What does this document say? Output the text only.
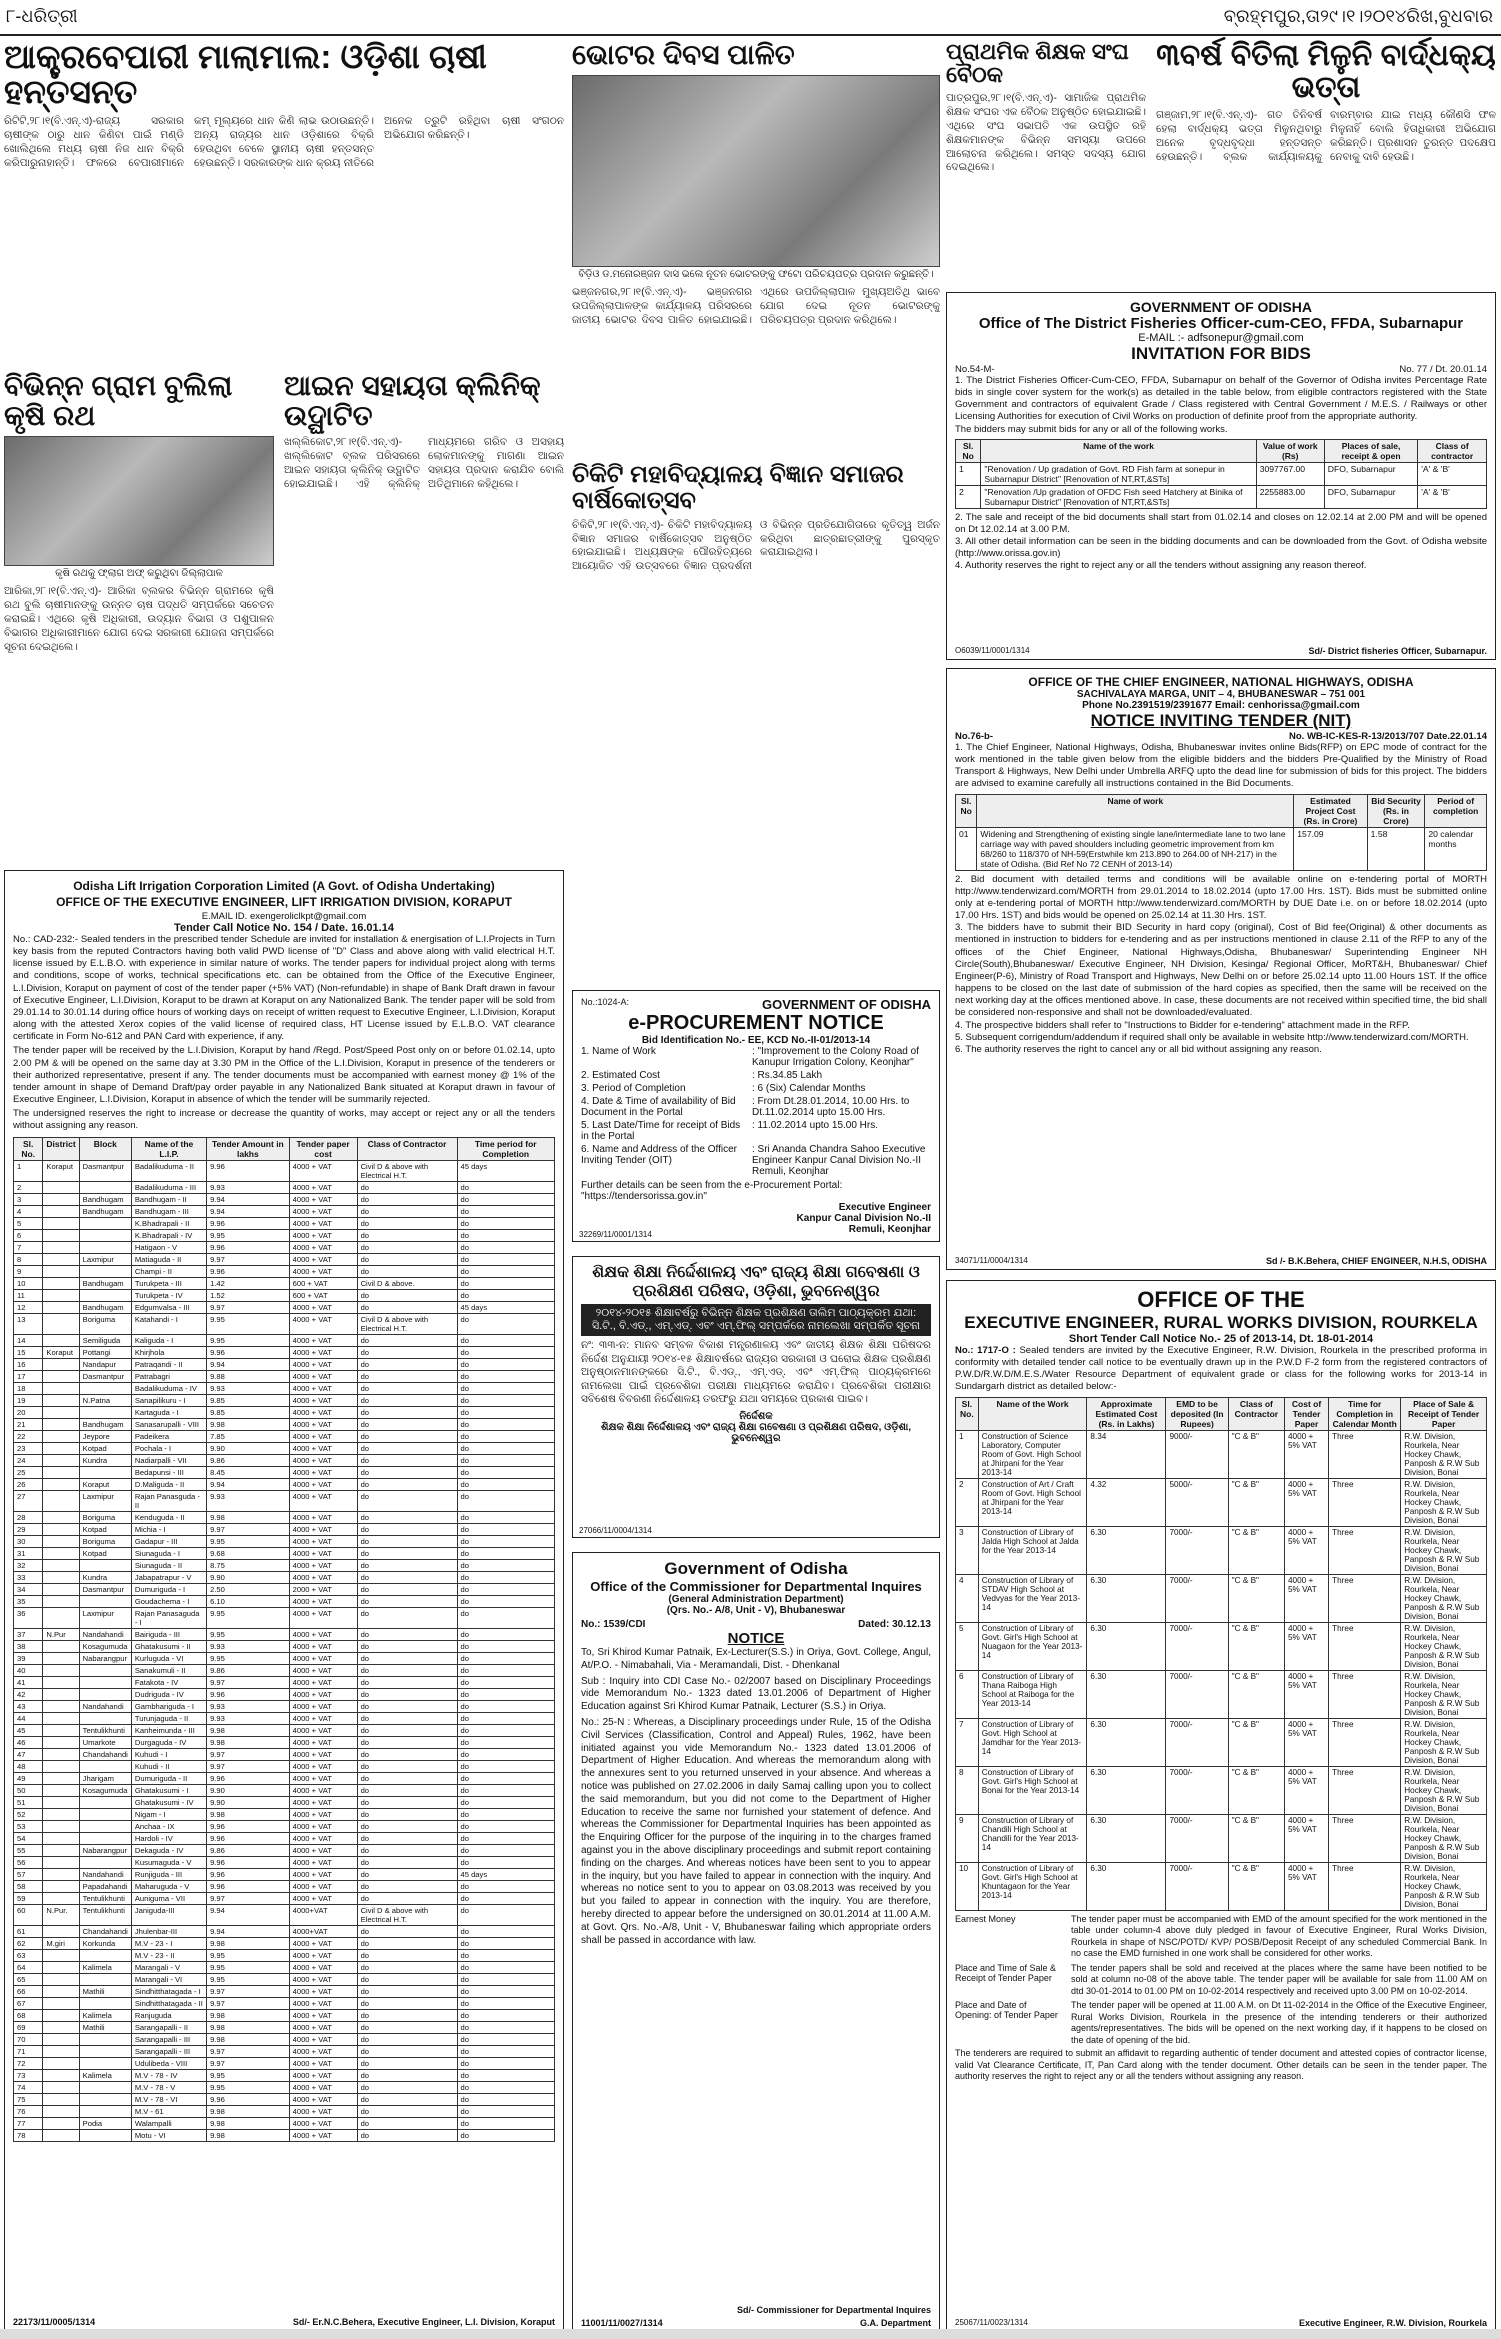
୮-ଧରିତ୍ରୀ	ବ୍ରହ୍ମପୁର,ତା୨୯।୧।୨୦୧୪ରିଖ,ବୁଧବାର
ଆକ୍ତ୍ରବେପାରୀ ମାଲାମାଲ: ଓଡ଼ିଶା ଚାଷୀ ହନ୍ତସନ୍ତ
ରିଟିଟି,୨୮।୧(ବି.ଏନ୍.ଏ)-ରାଜ୍ୟ ସରକାର ଚାଷୀଙ୍କ ଠାରୁ ଧାନ କିଣିବା ପାଇଁ ମଣ୍ଡି ଖୋଲିଥିଲେ ମଧ୍ୟ ଚାଷୀ ନିଜ ଧାନ ବିକ୍ରି କରିପାରୁନାହାନ୍ତି। ଫଳରେ ବେପାରୀମାନେ କମ୍ ମୂଲ୍ୟରେ ଧାନ କିଣି ଲାଭ ଉଠାଉଛନ୍ତି। ଅନ୍ୟ ରାଜ୍ୟର ଧାନ ଓଡ଼ିଶାରେ ବିକ୍ରି ହେଉଥିବା ବେଳେ ସ୍ଥାନୀୟ ଚାଷୀ ହନ୍ତସନ୍ତ ହେଉଛନ୍ତି। ସରକାରଙ୍କ ଧାନ କ୍ରୟ ନୀତିରେ ଅନେକ ତ୍ରୁଟି ରହିଥିବା ଚାଷୀ ସଂଗଠନ ଅଭିଯୋଗ କରିଛନ୍ତି।
ବିଭିନ୍ନ ଗ୍ରାମ ବୁଲିଲା କୃଷି ରଥ
କୃଷି ରଥକୁ ଫ୍ଲାଗ ଅଫ୍ କରୁଥିବା ଜିଲ୍ଲାପାଳ
ଆରିକା,୨୮।୧(ବି.ଏନ୍.ଏ)- ଆରିକା ବ୍ଲକର ବିଭିନ୍ନ ଗ୍ରାମରେ କୃଷି ରଥ ବୁଲି ଚାଷୀମାନଙ୍କୁ ଉନ୍ନତ ଚାଷ ପଦ୍ଧତି ସମ୍ପର୍କରେ ସଚେତନ କରାଇଛି। ଏଥିରେ କୃଷି ଅଧିକାରୀ, ଉଦ୍ୟାନ ବିଭାଗ ଓ ପଶୁପାଳନ ବିଭାଗର ଅଧିକାରୀମାନେ ଯୋଗ ଦେଇ ସରକାରୀ ଯୋଜନା ସମ୍ପର୍କରେ ସୂଚନା ଦେଇଥିଲେ।
ଆଇନ ସହାୟତା କ୍ଲିନିକ୍ ଉଦ୍ଘାଟିତ
ଖଲ୍ଲିକୋଟ,୨୮।୧(ବି.ଏନ୍.ଏ)- ଖଲ୍ଲିକୋଟ ବ୍ଲକ ପରିସରରେ ଆଇନ ସହାୟତା କ୍ଲିନିକ୍ ଉଦ୍ଘାଟିତ ହୋଇଯାଇଛି। ଏହି କ୍ଲିନିକ୍ ମାଧ୍ୟମରେ ଗରିବ ଓ ଅସହାୟ ଲୋକମାନଙ୍କୁ ମାଗଣା ଆଇନ ସହାୟତା ପ୍ରଦାନ କରାଯିବ ବୋଲି ଅତିଥିମାନେ କହିଥିଲେ।
Odisha Lift Irrigation Corporation Limited (A Govt. of Odisha Undertaking)
OFFICE OF THE EXECUTIVE ENGINEER, LIFT IRRIGATION DIVISION, KORAPUT
E.MAIL ID. exengeroliclkpt@gmail.com
Tender Call Notice No. 154 / Date. 16.01.14
No.: CAD-232:- Sealed tenders in the prescribed tender Schedule are invited for installation & energisation of L.I.Projects in Turn key basis from the reputed Contractors having both valid PWD license of "D" Class and above along with valid electrical H.T. license issued by E.L.B.O. with experience in similar nature of works. The tender papers for individual project along with terms and conditions, scope of works, technical specifications etc. can be obtained from the Office of the Executive Engineer, L.I.Division, Koraput on payment of cost of the tender paper (+5% VAT) (Non-refundable) in shape of Bank Draft drawn in favour of Executive Engineer, L.I.Division, Koraput to be drawn at Koraput on any Nationalized Bank. The tender paper will be sold from 29.01.14 to 30.01.14 during office hours of working days on receipt of written request to Executive Engineer, L.I.Division, Koraput along with the attested Xerox copies of the valid license of required class, HT License issued by E.L.B.O. VAT clearance certificate in Form No-612 and PAN Card with experience, if any.
The tender paper will be received by the L.I.Division, Koraput by hand /Regd. Post/Speed Post only on or before 01.02.14, upto 2.00 PM & will be opened on the same day at 3.30 PM in the Office of the L.I.Division, Koraput in presence of the tenderers or their authorized representative, present if any. The tender documents must be accompanied with earnest money @ 1% of the tender amount in shape of Demand Draft/pay order payable in any Nationalized Bank situated at Koraput drawn in favour of Executive Engineer, L.I.Division, Koraput in absence of which the tender will be summarily rejected.
The undersigned reserves the right to increase or decrease the quantity of works, may accept or reject any or all the tenders without assigning any reason.
Sl. No.	District	Block	Name of the L.I.P.	Tender Amount in lakhs	Tender paper cost	Class of Contractor	Time period for Completion
1	Koraput	Dasmantpur	Badalikuduma - II	9.96	4000 + VAT	Civil D & above with Electrical H.T.	45 days
2			Badalikuduma - III	9.93	4000 + VAT	do	do
3		Bandhugam	Bandhugam - II	9.94	4000 + VAT	do	do
4		Bandhugam	Bandhugam - III	9.94	4000 + VAT	do	do
5			K.Bhadrapali - II	9.96	4000 + VAT	do	do
6			K.Bhadrapali - IV	9.95	4000 + VAT	do	do
7			Hatigaon - V	9.96	4000 + VAT	do	do
8		Laxmipur	Matiaguda - II	9.97	4000 + VAT	do	do
9			Champi - II	9.96	4000 + VAT	do	do
10		Bandhugam	Turukpeta - III	1.42	600 + VAT	Civil D & above.	do
11			Turukpeta - IV	1.52	600 + VAT	do	do
12		Bandhugam	Edgumvalsa - III	9.97	4000 + VAT	do	45 days
13		Boriguma	Katahandi - I	9.95	4000 + VAT	Civil D & above with Electrical H.T.	do
14		Semiliguda	Kaliguda - I	9.95	4000 + VAT	do	do
15	Koraput	Pottangi	Khirjhola	9.96	4000 + VAT	do	do
16		Nandapur	Patraqandi - II	9.94	4000 + VAT	do	do
17		Dasmantpur	Patrabagri	9.88	4000 + VAT	do	do
18			Badalikuduma - IV	9.93	4000 + VAT	do	do
19		N.Patna	Sanapilikuru - I	9.85	4000 + VAT	do	do
20			Kartaguda - I	9.85	4000 + VAT	do	do
21		Bandhugam	Sanasarupalli - VIII	9.98	4000 + VAT	do	do
22		Jeypore	Padeikera	7.85	4000 + VAT	do	do
23		Kotpad	Pochala - I	9.90	4000 + VAT	do	do
24		Kundra	Nadiarpalli - VII	9.86	4000 + VAT	do	do
25			Bedapunsi - III	8.45	4000 + VAT	do	do
26		Koraput	D.Maliguda - II	9.94	4000 + VAT	do	do
27		Laxmipur	Rajan Panasguda - II	9.93	4000 + VAT	do	do
28		Boriguma	Kenduguda - II	9.98	4000 + VAT	do	do
29		Kotpad	Michia - I	9.97	4000 + VAT	do	do
30		Boriguma	Gadapur - III	9.95	4000 + VAT	do	do
31		Kotpad	Siunaguda - I	9.68	4000 + VAT	do	do
32			Siunaguda - II	8.75	4000 + VAT	do	do
33		Kundra	Jabapatrapur - V	9.90	4000 + VAT	do	do
34		Dasmantpur	Dumuriguda - I	2.50	2000 + VAT	do	do
35			Goudachema - I	6.10	4000 + VAT	do	do
36		Laxmipur	Rajan Panasaguda - I	9.95	4000 + VAT	do	do
37	N.Pur	Nandahandi	Bairiguda - III	9.95	4000 + VAT	do	do
38		Kosagumuda	Ghatakusumi - II	9.93	4000 + VAT	do	do
39		Nabarangpur	Kurluguda - VI	9.95	4000 + VAT	do	do
40			Sanakumuli - II	9.86	4000 + VAT	do	do
41			Fatakota - IV	9.97	4000 + VAT	do	do
42			Dudriguda - IV	9.96	4000 + VAT	do	do
43		Nandahandi	Gambhariguda - I	9.93	4000 + VAT	do	do
44			Turunjaguda - II	9.93	4000 + VAT	do	do
45		Tentulikhunti	Kanheimunda - III	9.98	4000 + VAT	do	do
46		Umarkote	Durgaguda - IV	9.98	4000 + VAT	do	do
47		Chandahandi	Kuhudi - I	9.97	4000 + VAT	do	do
48			Kuhudi - II	9.97	4000 + VAT	do	do
49		Jharigam	Dumuriguda - II	9.96	4000 + VAT	do	do
50		Kosagumuda	Ghatakusumi - I	9.90	4000 + VAT	do	do
51			Ghatakusumi - IV	9.90	4000 + VAT	do	do
52			Nigam - I	9.98	4000 + VAT	do	do
53			Anchaa - IX	9.96	4000 + VAT	do	do
54			Hardoli - IV	9.96	4000 + VAT	do	do
55		Nabarangpur	Dekaguda - IV	9.86	4000 + VAT	do	do
56			Kusumaguda - V	9.96	4000 + VAT	do	do
57		Nandahandi	Runjiguda - III	9.96	4000 + VAT	do	45 days
58		Papadahandi	Maharuguda - V	9.96	4000 + VAT	do	do
59		Tentulikhunti	Auniguma - VII	9.97	4000 + VAT	do	do
60	N.Pur.	Tentulikhunti	Janiguda-III	9.94	4000+VAT	Civil D & above with Electrical H.T.	do
61		Chandahandi	Jhulenbar-III	9.94	4000+VAT	do	do
62	M.giri	Korkunda	M.V - 23 - I	9.98	4000 + VAT	do	do
63			M.V - 23 - II	9.95	4000 + VAT	do	do
64		Kalimela	Marangali - V	9.95	4000 + VAT	do	do
65			Marangali - VI	9.95	4000 + VAT	do	do
66		Mathili	Sindhitthatagada - I	9.97	4000 + VAT	do	do
67			Sindhitthatagada - II	9.97	4000 + VAT	do	do
68		Kalimela	Ranjuguda	9.98	4000 + VAT	do	do
69		Mathili	Sarangapalli - II	9.98	4000 + VAT	do	do
70			Sarangapalli - III	9.98	4000 + VAT	do	do
71			Sarangapalli - III	9.97	4000 + VAT	do	do
72			Udulibeda - VIII	9.97	4000 + VAT	do	do
73		Kalimela	M.V - 78 - IV	9.95	4000 + VAT	do	do
74			M.V - 78 - V	9.95	4000 + VAT	do	do
75			M.V - 78 - VI	9.96	4000 + VAT	do	do
76			M.V - 61	9.98	4000 + VAT	do	do
77		Podia	Walampalli	9.98	4000 + VAT	do	do
78			Motu - VI	9.98	4000 + VAT	do	do
22173/11/0005/1314	Sd/- Er.N.C.Behera, Executive Engineer, L.I. Division, Koraput
ଭୋଟର ଦିବସ ପାଳିତ
ବିଡ଼ିଓ ଡ.ମନୋରଞ୍ଜନ ଦାସ ଭଲେ ନୂତନ ଭୋଟରଙ୍କୁ ଫଟୋ ପରିଚୟପତ୍ର ପ୍ରଦାନ କରୁଛନ୍ତି।
ଭଞ୍ଜନଗର,୨୮।୧(ବି.ଏନ୍.ଏ)- ଭଞ୍ଜନଗର ଉପଜିଲ୍ଲାପାଳଙ୍କ କାର୍ଯ୍ୟାଳୟ ପରିସରରେ ଜାତୀୟ ଭୋଟର ଦିବସ ପାଳିତ ହୋଇଯାଇଛି। ଏଥିରେ ଉପଜିଲ୍ଲାପାଳ ମୁଖ୍ୟଅତିଥି ଭାବେ ଯୋଗ ଦେଇ ନୂତନ ଭୋଟରଙ୍କୁ ପରିଚୟପତ୍ର ପ୍ରଦାନ କରିଥିଲେ।
ଚିକିଟି ମହାବିଦ୍ୟାଳୟ ବିଜ୍ଞାନ ସମାଜର ବାର୍ଷିକୋତ୍ସବ
ଚିକିଟି,୨୮।୧(ବି.ଏନ୍.ଏ)- ଚିକିଟି ମହାବିଦ୍ୟାଳୟ ବିଜ୍ଞାନ ସମାଜର ବାର୍ଷିକୋତ୍ସବ ଅନୁଷ୍ଠିତ ହୋଇଯାଇଛି। ଅଧ୍ୟକ୍ଷଙ୍କ ପୌରହିତ୍ୟରେ ଆୟୋଜିତ ଏହି ଉତ୍ସବରେ ବିଜ୍ଞାନ ପ୍ରଦର୍ଶନୀ ଓ ବିଭିନ୍ନ ପ୍ରତିଯୋଗିତାରେ କୃତିତ୍ୱ ଅର୍ଜନ କରିଥିବା ଛାତ୍ରଛାତ୍ରୀଙ୍କୁ ପୁରସ୍କୃତ କରାଯାଇଥିଲା।
No.:1024-A:	GOVERNMENT OF ODISHA
e-PROCUREMENT NOTICE
Bid Identification No.- EE, KCD No.-II-01/2013-14
1. Name of Work	: "Improvement to the Colony Road of Kanupur Irrigation Colony, Keonjhar"
2. Estimated Cost	: Rs.34.85 Lakh
3. Period of Completion	: 6 (Six) Calendar Months
4. Date & Time of availability of Bid Document in the Portal
: From Dt.28.01.2014, 10.00 Hrs. to Dt.11.02.2014 upto 15.00 Hrs.
5. Last Date/Time for receipt of Bids in the Portal
: 11.02.2014 upto 15.00 Hrs.
6. Name and Address of the Officer Inviting Tender (OIT)
: Sri Ananda Chandra Sahoo Executive Engineer Kanpur Canal Division No.-II Remuli, Keonjhar
Further details can be seen from the e-Procurement Portal: "https://tendersorissa.gov.in"
Executive Engineer
Kanpur Canal Division No.-II
Remuli, Keonjhar
32269/11/0001/1314
ଶିକ୍ଷକ ଶିକ୍ଷା ନିର୍ଦ୍ଦେଶାଳୟ ଏବଂ ରାଜ୍ୟ ଶିକ୍ଷା ଗବେଷଣା ଓ ପ୍ରଶିକ୍ଷଣ ପରିଷଦ, ଓଡ଼ିଶା, ଭୁବନେଶ୍ୱର
୨୦୧୪-୨୦୧୫ ଶିକ୍ଷାବର୍ଷରୁ ବିଭିନ୍ନ ଶିକ୍ଷକ ପ୍ରଶିକ୍ଷଣ ତାଲିମ ପାଠ୍ୟକ୍ରମ ଯଥା: ସି.ଟି., ବି.ଏଡ୍., ଏମ୍.ଏଡ୍. ଏବଂ ଏମ୍.ଫିଲ୍ ସମ୍ପର୍କରେ ନାମଲେଖା ସମ୍ପର୍କିତ ସୂଚନା
ନଂ: ୩୩-ନ: ମାନବ ସମ୍ବଳ ବିକାଶ ମନ୍ତ୍ରଣାଳୟ ଏବଂ ଜାତୀୟ ଶିକ୍ଷକ ଶିକ୍ଷା ପରିଷଦର ନିର୍ଦ୍ଦେଶ ଅନୁଯାୟୀ ୨୦୧୪-୧୫ ଶିକ୍ଷାବର୍ଷରେ ରାଜ୍ୟର ସରକାରୀ ଓ ଘରୋଇ ଶିକ୍ଷକ ପ୍ରଶିକ୍ଷଣ ଅନୁଷ୍ଠାନମାନଙ୍କରେ ସି.ଟି., ବି.ଏଡ୍., ଏମ୍.ଏଡ୍. ଏବଂ ଏମ୍.ଫିଲ୍ ପାଠ୍ୟକ୍ରମରେ ନାମଲେଖା ପାଇଁ ପ୍ରବେଶିକା ପରୀକ୍ଷା ମାଧ୍ୟମରେ କରାଯିବ। ପ୍ରବେଶିକା ପରୀକ୍ଷାର ସବିଶେଷ ବିବରଣୀ ନିର୍ଦ୍ଦେଶାଳୟ ତରଫରୁ ଯଥା ସମୟରେ ପ୍ରକାଶ ପାଇବ।
ନିର୍ଦ୍ଦେଶକ
ଶିକ୍ଷକ ଶିକ୍ଷା ନିର୍ଦ୍ଦେଶାଳୟ ଏବଂ ରାଜ୍ୟ ଶିକ୍ଷା ଗବେଷଣା ଓ ପ୍ରଶିକ୍ଷଣ ପରିଷଦ, ଓଡ଼ିଶା, ଭୁବନେଶ୍ୱର
27066/11/0004/1314
Government of Odisha
Office of the Commissioner for Departmental Inquires
(General Administration Department)
(Qrs. No.- A/8, Unit - V), Bhubaneswar
No.: 1539/CDI	Dated: 30.12.13
NOTICE
To, Sri Khirod Kumar Patnaik, Ex-Lecturer(S.S.) in Oriya, Govt. College, Angul, At/P.O. - Nimabahali, Via - Meramandali, Dist. - Dhenkanal
Sub : Inquiry into CDI Case No.- 02/2007 based on Disciplinary Proceedings vide Memorandum No.- 1323 dated 13.01.2006 of Department of Higher Education against Sri Khirod Kumar Patnaik, Lecturer (S.S.) in Oriya.
No.: 25-N : Whereas, a Disciplinary proceedings under Rule, 15 of the Odisha Civil Services (Classification, Control and Appeal) Rules, 1962, have been initiated against you vide Memorandum No.- 1323 dated 13.01.2006 of Department of Higher Education. And whereas the memorandum along with the annexures sent to you returned unserved in your absence. And whereas a notice was published on 27.02.2006 in daily Samaj calling upon you to collect the said memorandum, but you did not come to the Department of Higher Education to receive the same nor furnished your statement of defence. And whereas the Commissioner for Departmental Inquiries has been appointed as the Enquiring Officer for the purpose of the inquiring in to the charges framed against you in the above disciplinary proceedings and submit report containing finding on the charges. And whereas notices have been sent to you to appear in the inquiry, but you have failed to appear in connection with the inquiry. And whereas no notice sent to you to appear on 03.08.2013 was received by you but you failed to appear in connection with the inquiry. You are therefore, hereby directed to appear before the undersigned on 30.01.2014 at 11.00 A.M. at Govt. Qrs. No.-A/8, Unit - V, Bhubaneswar failing which appropriate orders shall be passed in accordance with law.
Sd/- Commissioner for Departmental Inquires
11001/11/0027/1314	G.A. Department
ପ୍ରାଥମିକ ଶିକ୍ଷକ ସଂଘ ବୈଠକ
ପାତ୍ରପୁର,୨୮।୧(ବି.ଏନ୍.ଏ)- ସାମାଜିକ ପ୍ରାଥମିକ ଶିକ୍ଷକ ସଂଘର ଏକ ବୈଠକ ଅନୁଷ୍ଠିତ ହୋଇଯାଇଛି। ଏଥିରେ ସଂଘ ସଭାପତି ଏକ ଉପସ୍ଥିତ ରହି ଶିକ୍ଷକମାନଙ୍କ ବିଭିନ୍ନ ସମସ୍ୟା ଉପରେ ଆଲୋଚନା କରିଥିଲେ। ସମସ୍ତ ସଦସ୍ୟ ଯୋଗ ଦେଇଥିଲେ।
୩ବର୍ଷ ବିତିଲା ମିଳୁନି ବାର୍ଦ୍ଧକ୍ୟ ଭତ୍ତା
ଗଞ୍ଜାମ,୨୮।୧(ବି.ଏନ୍.ଏ)- ଗତ ତିନିବର୍ଷ ହେଲା ବାର୍ଦ୍ଧକ୍ୟ ଭତ୍ତା ମିଳୁନଥିବାରୁ ଅନେକ ବୃଦ୍ଧବୃଦ୍ଧା ହନ୍ତସନ୍ତ ହେଉଛନ୍ତି। ବ୍ଲକ କାର୍ଯ୍ୟାଳୟକୁ ବାରମ୍ବାର ଯାଇ ମଧ୍ୟ କୌଣସି ଫଳ ମିଳୁନାହିଁ ବୋଲି ହିତାଧିକାରୀ ଅଭିଯୋଗ କରିଛନ୍ତି। ପ୍ରଶାସନ ତୁରନ୍ତ ପଦକ୍ଷେପ ନେବାକୁ ଦାବି ହେଉଛି।
GOVERNMENT OF ODISHA
Office of The District Fisheries Officer-cum-CEO, FFDA, Subarnapur
E-MAIL :- adfsonepur@gmail.com
INVITATION FOR BIDS
No.54-M-	No. 77 / Dt. 20.01.14
1. The District Fisheries Officer-Cum-CEO, FFDA, Subarnapur on behalf of the Governor of Odisha invites Percentage Rate bids in single cover system for the work(s) as detailed in the table below, from eligible contractors registered with the State Government and contractors of equivalent Grade / Class registered with Central Government / M.E.S. / Railways or other Licensing Authorities for execution of Civil Works on production of definite proof from the appropriate authority.
The bidders may submit bids for any or all of the following works.
Sl. No	Name of the work	Value of work (Rs)	Places of sale, receipt & open	Class of contractor
1	"Renovation / Up gradation of Govt. RD Fish farm at sonepur in Subarnapur District" [Renovation of NT,RT,&STs]	3097767.00	DFO, Subarnapur	'A' & 'B'
2	"Renovation /Up gradation of OFDC Fish seed Hatchery at Binika of Subarnapur District" [Renovation of NT,RT,&STs]	2255883.00	DFO, Subarnapur	'A' & 'B'
2. The sale and receipt of the bid documents shall start from 01.02.14 and closes on 12.02.14 at 2.00 PM and will be opened on Dt 12.02.14 at 3.00 P.M.
3. All other detail information can be seen in the bidding documents and can be downloaded from the Govt. of Odisha website (http://www.orissa.gov.in)
4. Authority reserves the right to reject any or all the tenders without assigning any reason thereof.
O6039/11/0001/1314	Sd/- District fisheries Officer, Subarnapur.
OFFICE OF THE CHIEF ENGINEER, NATIONAL HIGHWAYS, ODISHA
SACHIVALAYA MARGA, UNIT – 4, BHUBANESWAR – 751 001
Phone No.2391519/2391677 Email: cenhorissa@gmail.com
NOTICE INVITING TENDER (NIT)
No.76-b-	No. WB-IC-KES-R-13/2013/707 Date.22.01.14
1. The Chief Engineer, National Highways, Odisha, Bhubaneswar invites online Bids(RFP) on EPC mode of contract for the work mentioned in the table given below from the eligible bidders and the bidders Pre-Qualified by the Ministry of Road Transport & Highways, New Delhi under Umbrella ARFQ upto the dead line for submission of bids for this project. The bidders are advised to examine carefully all instructions contained in the Bid Documents.
Sl. No	Name of work	Estimated Project Cost (Rs. in Crore)	Bid Security (Rs. in Crore)	Period of completion
01	Widening and Strengthening of existing single lane/intermediate lane to two lane carriage way with paved shoulders including geometric improvement from km 68/260 to 118/370 of NH-59(Erstwhile km 213.890 to 264.00 of NH-217) in the state of Odisha. (Bid Ref No 72 CENH of 2013-14)	157.09	1.58	20 calendar months
2. Bid document with detailed terms and conditions will be available online on e-tendering portal of MORTH http://www.tenderwizard.com/MORTH from 29.01.2014 to 18.02.2014 (upto 17.00 Hrs. 1ST). Bids must be submitted online only at e-tendering portal of MORTH http://www.tenderwizard.com/MORTH by DUE Date i.e. on or before 18.02.2014 (upto 17.00 Hrs. 1ST) and bids would be opened on 25.02.14 at 11.30 Hrs. 1ST.
3. The bidders have to submit their BID Security in hard copy (original), Cost of Bid fee(Original) & other documents as mentioned in instruction to bidders for e-tendering and as per instructions mentioned in clause 2.11 of the RFP to any of the offices of the Chief Engineer, National Highways,Odisha, Bhubaneswar/ Superintending Engineer NH Circle(South),Bhubaneswar/ Executive Engineer, NH Division, Kesinga/ Regional Officer, MoRT&H, Bhubaneswar/ Chief Engineer(P-6), Ministry of Road Transport and Highways, New Delhi on or before 25.02.14 upto 11.00 Hours 1ST. If the office happens to be closed on the last date of submission of the hard copies as specified, then the same will be received on the next working day at the offices mentioned above. In case, these documents are not received within specified time, the bid shall be considered non-responsive and shall not be downloaded/evaluated.
4. The prospective bidders shall refer to "Instructions to Bidder for e-tendering" attachment made in the RFP.
5. Subsequent corrigendum/addendum if required shall only be available in website http://www.tenderwizard.com/MORTH.
6. The authority reserves the right to cancel any or all bid without assigning any reason.
34071/11/0004/1314	Sd /- B.K.Behera, CHIEF ENGINEER, N.H.S, ODISHA
OFFICE OF THE
EXECUTIVE ENGINEER, RURAL WORKS DIVISION, ROURKELA
Short Tender Call Notice No.- 25 of 2013-14, Dt. 18-01-2014
No.: 1717-O : Sealed tenders are invited by the Executive Engineer, R.W. Division, Rourkela in the prescribed proforma in conformity with detailed tender call notice to be eventually drawn up in the P.W.D F-2 form from the registered contractors of P.W.D/R.W.D/M.E.S./Water Resource Department of equivalent grade or class for the following works for 2013-14 in Sundargarh district as detailed below:-
Sl. No.	Name of the Work	Approximate Estimated Cost (Rs. in Lakhs)	EMD to be deposited (In Rupees)	Class of Contractor	Cost of Tender Paper	Time for Completion in Calendar Month	Place of Sale & Receipt of Tender Paper
1	Construction of Science Laboratory, Computer Room of Govt. High School at Jhirpani for the Year 2013-14	8.34	9000/-	"C & B"	4000 + 5% VAT	Three	R.W. Division, Rourkela, Near Hockey Chawk, Panposh & R.W Sub Division, Bonai
2	Construction of Art / Craft Room of Govt. High School at Jhirpani for the Year 2013-14	4.32	5000/-	"C & B"	4000 + 5% VAT	Three	R.W. Division, Rourkela, Near Hockey Chawk, Panposh & R.W Sub Division, Bonai
3	Construction of Library of Jalda High School at Jalda for the Year 2013-14	6.30	7000/-	"C & B"	4000 + 5% VAT	Three	R.W. Division, Rourkela, Near Hockey Chawk, Panposh & R.W Sub Division, Bonai
4	Construction of Library of STDAV High School at Vedvyas for the Year 2013-14	6.30	7000/-	"C & B"	4000 + 5% VAT	Three	R.W. Division, Rourkela, Near Hockey Chawk, Panposh & R.W Sub Division, Bonai
5	Construction of Library of Govt. Girl's High School at Nuagaon for the Year 2013-14	6.30	7000/-	"C & B"	4000 + 5% VAT	Three	R.W. Division, Rourkela, Near Hockey Chawk, Panposh & R.W Sub Division, Bonai
6	Construction of Library of Thana Raiboga High School at Raiboga for the Year 2013-14	6.30	7000/-	"C & B"	4000 + 5% VAT	Three	R.W. Division, Rourkela, Near Hockey Chawk, Panposh & R.W Sub Division, Bonai
7	Construction of Library of Govt. High School at Jamdhar for the Year 2013-14	6.30	7000/-	"C & B"	4000 + 5% VAT	Three	R.W. Division, Rourkela, Near Hockey Chawk, Panposh & R.W Sub Division, Bonai
8	Construction of Library of Govt. Girl's High School at Bonai for the Year 2013-14	6.30	7000/-	"C & B"	4000 + 5% VAT	Three	R.W. Division, Rourkela, Near Hockey Chawk, Panposh & R.W Sub Division, Bonai
9	Construction of Library of Chandili High School at Chandili for the Year 2013-14	6.30	7000/-	"C & B"	4000 + 5% VAT	Three	R.W. Division, Rourkela, Near Hockey Chawk, Panposh & R.W Sub Division, Bonai
10	Construction of Library of Govt. Girl's High School at Khuntagaon for the Year 2013-14	6.30	7000/-	"C & B"	4000 + 5% VAT	Three	R.W. Division, Rourkela, Near Hockey Chawk, Panposh & R.W Sub Division, Bonai
Earnest Money	The tender paper must be accompanied with EMD of the amount specified for the work mentioned in the table under column-4 above duly pledged in favour of Executive Engineer, Rural Works Division, Rourkela in shape of NSC/POTD/ KVP/ POSB/Deposit Receipt of any scheduled Commercial Bank. In no case the EMD furnished in one work shall be considered for other works.
Place and Time of Sale & Receipt of Tender Paper
The tender papers shall be sold and received at the places where the same have been notified to be sold at column no-08 of the above table. The tender paper will be available for sale from 11.00 AM on dtd 30-01-2014 to 01.00 PM on 10-02-2014 respectively and received upto 3.00 PM on 10-02-2014.
Place and Date of Opening: of Tender Paper
The tender paper will be opened at 11.00 A.M. on Dt 11-02-2014 in the Office of the Executive Engineer, Rural Works Division, Rourkela in the presence of the intending tenderers or their authorized agents/representatives. The bids will be opened on the next working day, if it happens to be closed on the date of opening of the bid.
The tenderers are required to submit an affidavit to regarding authentic of tender document and attested copies of contractor license, valid Vat Clearance Certificate, IT, Pan Card along with the tender document. Other details can be seen in the tender paper. The authority reserves the right to reject any or all the tenders without assigning any reason.
25067/11/0023/1314	Executive Engineer, R.W. Division, Rourkela
